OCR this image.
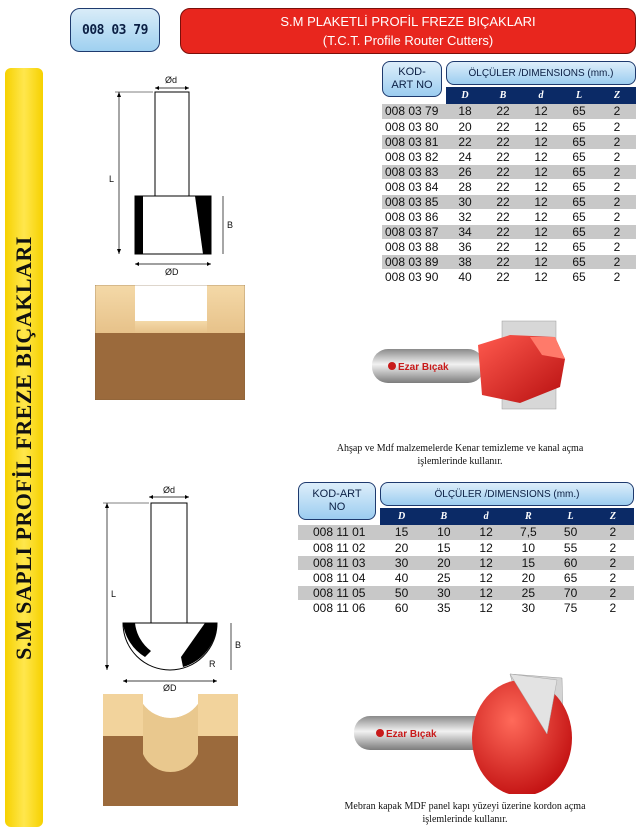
008 03 79
S.M PLAKETLİ PROFİL FREZE BIÇAKLARI
(T.C.T. Profile Router Cutters)
S.M SAPLI PROFİL FREZE BIÇAKLARI
Ød
L
B
ØD
KOD-ART NO
ÖLÇÜLER /DIMENSIONS (mm.)
	D	B	d	L	Z
008 03 79	18	22	12	65	2
008 03 80	20	22	12	65	2
008 03 81	22	22	12	65	2
008 03 82	24	22	12	65	2
008 03 83	26	22	12	65	2
008 03 84	28	22	12	65	2
008 03 85	30	22	12	65	2
008 03 86	32	22	12	65	2
008 03 87	34	22	12	65	2
008 03 88	36	22	12	65	2
008 03 89	38	22	12	65	2
008 03 90	40	22	12	65	2
Ezar Bıçak
Ahşap ve Mdf malzemelerde Kenar temizleme ve kanal açma
işlemlerinde kullanır.
Ød
L
B
R
ØD
KOD-ART NO
ÖLÇÜLER /DIMENSIONS (mm.)
	D	B	d	R	L	Z
008 11 01	15	10	12	7,5	50	2
008 11 02	20	15	12	10	55	2
008 11 03	30	20	12	15	60	2
008 11 04	40	25	12	20	65	2
008 11 05	50	30	12	25	70	2
008 11 06	60	35	12	30	75	2
Ezar Bıçak
Mebran kapak MDF panel kapı yüzeyi üzerine kordon açma
işlemlerinde kullanır.
